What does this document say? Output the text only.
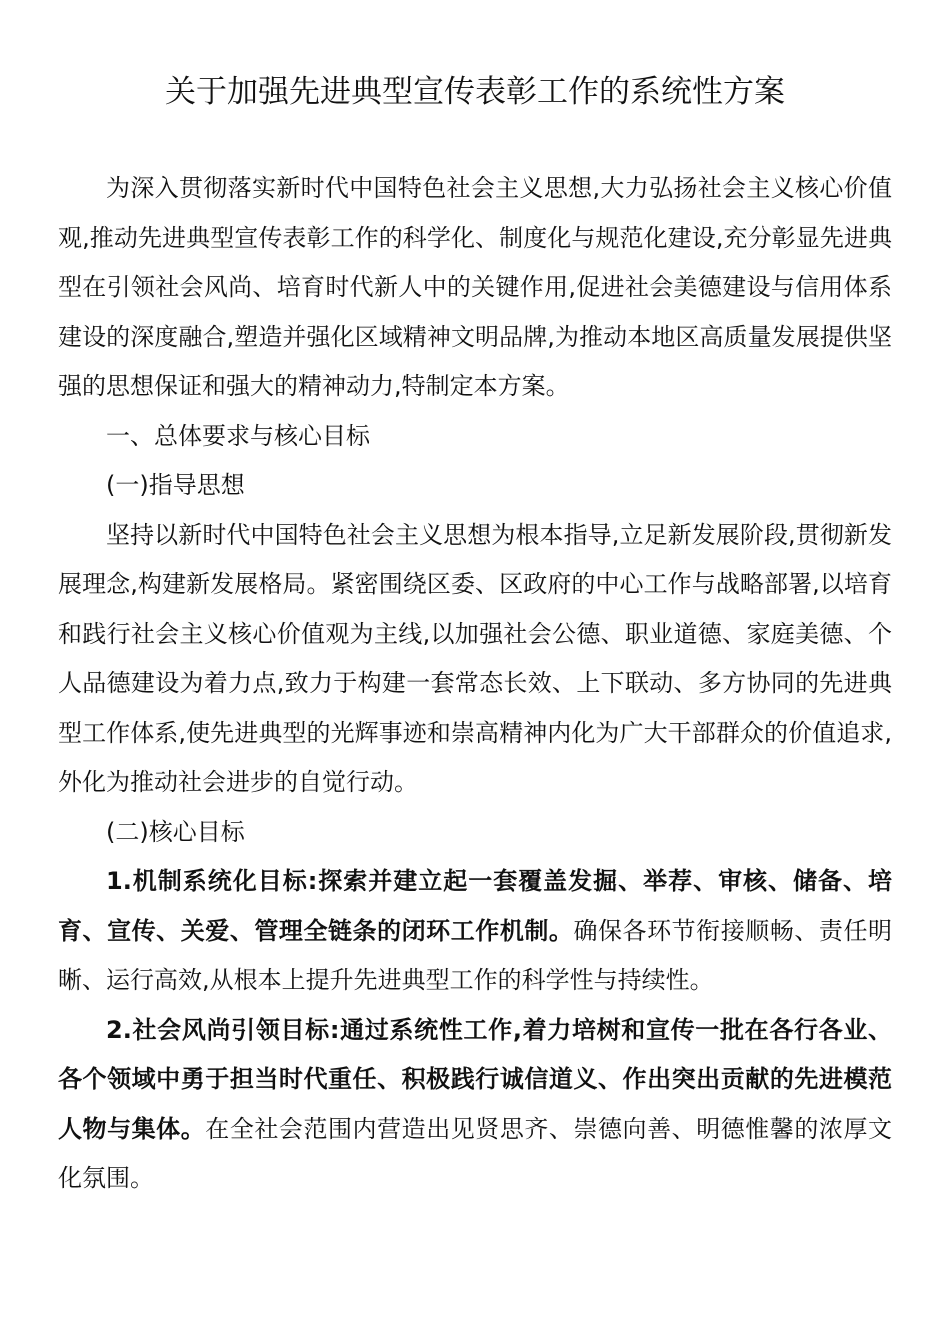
关于加强先进典型宣传表彰工作的系统性方案

为深入贯彻落实新时代中国特色社会主义思想,大力弘扬社会主义核心价值观,推动先进典型宣传表彰工作的科学化、制度化与规范化建设,充分彰显先进典型在引领社会风尚、培育时代新人中的关键作用,促进社会美德建设与信用体系建设的深度融合,塑造并强化区域精神文明品牌,为推动本地区高质量发展提供坚强的思想保证和强大的精神动力,特制定本方案。

一、总体要求与核心目标

(一)指导思想

坚持以新时代中国特色社会主义思想为根本指导,立足新发展阶段,贯彻新发展理念,构建新发展格局。紧密围绕区委、区政府的中心工作与战略部署,以培育和践行社会主义核心价值观为主线,以加强社会公德、职业道德、家庭美德、个人品德建设为着力点,致力于构建一套常态长效、上下联动、多方协同的先进典型工作体系,使先进典型的光辉事迹和崇高精神内化为广大干部群众的价值追求,外化为推动社会进步的自觉行动。

(二)核心目标

1.机制系统化目标:探索并建立起一套覆盖发掘、举荐、审核、储备、培育、宣传、关爱、管理全链条的闭环工作机制。确保各环节衔接顺畅、责任明晰、运行高效,从根本上提升先进典型工作的科学性与持续性。

2.社会风尚引领目标:通过系统性工作,着力培树和宣传一批在各行各业、各个领域中勇于担当时代重任、积极践行诚信道义、作出突出贡献的先进模范人物与集体。在全社会范围内营造出见贤思齐、崇德向善、明德惟馨的浓厚文化氛围。
